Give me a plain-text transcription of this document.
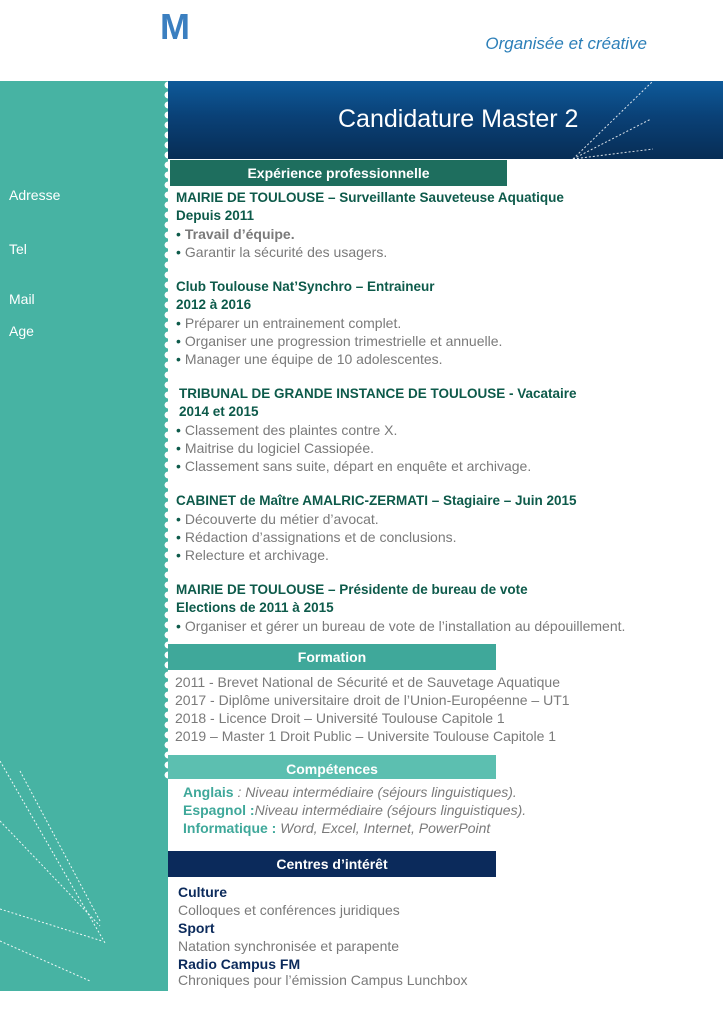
M	Organisée et créative
Adresse
Tel
Mail
Age
Candidature Master 2
Expérience professionnelle
MAIRIE DE TOULOUSE – Surveillante Sauveteuse Aquatique
Depuis 2011
• Travail d’équipe.
• Garantir la sécurité des usagers.
Club Toulouse Nat’Synchro – Entraineur
2012 à 2016
• Préparer un entrainement complet.
• Organiser une progression trimestrielle et annuelle.
• Manager une équipe de 10 adolescentes.
TRIBUNAL DE GRANDE INSTANCE DE TOULOUSE - Vacataire
2014 et 2015
• Classement des plaintes contre X.
• Maitrise du logiciel Cassiopée.
• Classement sans suite, départ en enquête et archivage.
CABINET de Maître AMALRIC-ZERMATI – Stagiaire – Juin 2015
• Découverte du métier d’avocat.
• Rédaction d’assignations et de conclusions.
• Relecture et archivage.
MAIRIE DE TOULOUSE – Présidente de bureau de vote
Elections de 2011 à 2015
• Organiser et gérer un bureau de vote de l’installation au dépouillement.
Formation
2011 - Brevet National de Sécurité et de Sauvetage Aquatique
2017 - Diplôme universitaire droit de l’Union-Européenne – UT1
2018 - Licence Droit – Université Toulouse Capitole 1
2019 – Master 1 Droit Public – Universite Toulouse Capitole 1
Compétences
Anglais : Niveau intermédiaire (séjours linguistiques).
Espagnol :Niveau intermédiaire (séjours linguistiques).
Informatique : Word, Excel, Internet, PowerPoint
Centres d’intérêt
Culture
Colloques et conférences juridiques
Sport
Natation synchronisée et parapente
Radio Campus FM
Chroniques pour l’émission Campus Lunchbox
